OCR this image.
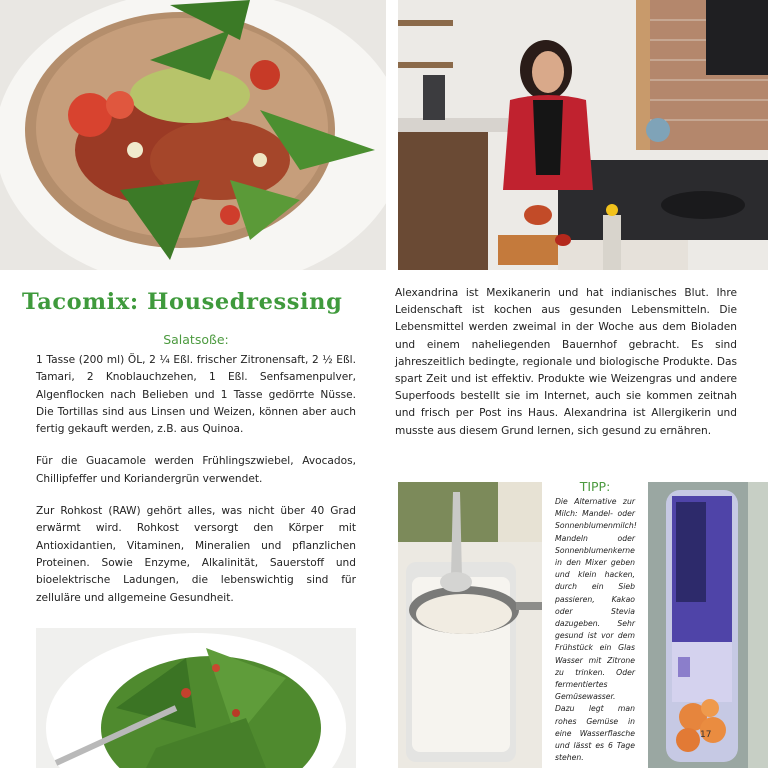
Tacomix: Housedressing
Salatsoße:

1 Tasse (200 ml) ÖL, 2 ¼ Eßl. frischer Zitronensaft, 2 ½ Eßl. Tamari, 2 Knoblauchzehen, 1 Eßl. Senfsamenpulver, Algenflocken nach Belieben und 1 Tasse gedörrte Nüsse. Die Tortillas sind aus Linsen und Weizen, können aber auch fertig gekauft werden, z.B. aus Quinoa.

Für die Guacamole werden Frühlingszwiebel, Avocados, Chillipfeffer und Koriandergrün verwendet.

Zur Rohkost (RAW) gehört alles, was nicht über 40 Grad erwärmt wird. Rohkost versorgt den Körper mit Antioxidantien, Vitaminen, Mineralien und pflanzlichen Proteinen. Sowie Enzyme, Alkalinität, Sauerstoff und bioelektrische Ladungen, die lebenswichtig sind für zelluläre und allgemeine Gesundheit.

Alexandrina ist Mexikanerin und hat indianisches Blut. Ihre Leidenschaft ist kochen aus gesunden Lebensmitteln. Die Lebensmittel werden zweimal in der Woche aus dem Bioladen und einem naheliegenden Bauernhof gebracht. Es sind jahreszeitlich bedingte, regionale und biologische Produkte. Das spart Zeit und ist effektiv. Produkte wie Weizengras und andere Superfoods bestellt sie im Internet, auch sie kommen zeitnah und frisch per Post ins Haus. Alexandrina ist Allergikerin und musste aus diesem Grund lernen, sich gesund zu ernähren.

TIPP:

Die Alternative zur Milch: Mandel- oder Sonnenblumenmilch! Mandeln oder Sonnenblumenkerne in den Mixer geben und klein hacken, durch ein Sieb passieren, Kakao oder Stevia dazugeben. Sehr gesund ist vor dem Frühstück ein Glas Wasser mit Zitrone zu trinken. Oder fermentiertes Gemüsewasser. Dazu legt man rohes Gemüse in eine Wasserflasche und lässt es 6 Tage stehen.

17
